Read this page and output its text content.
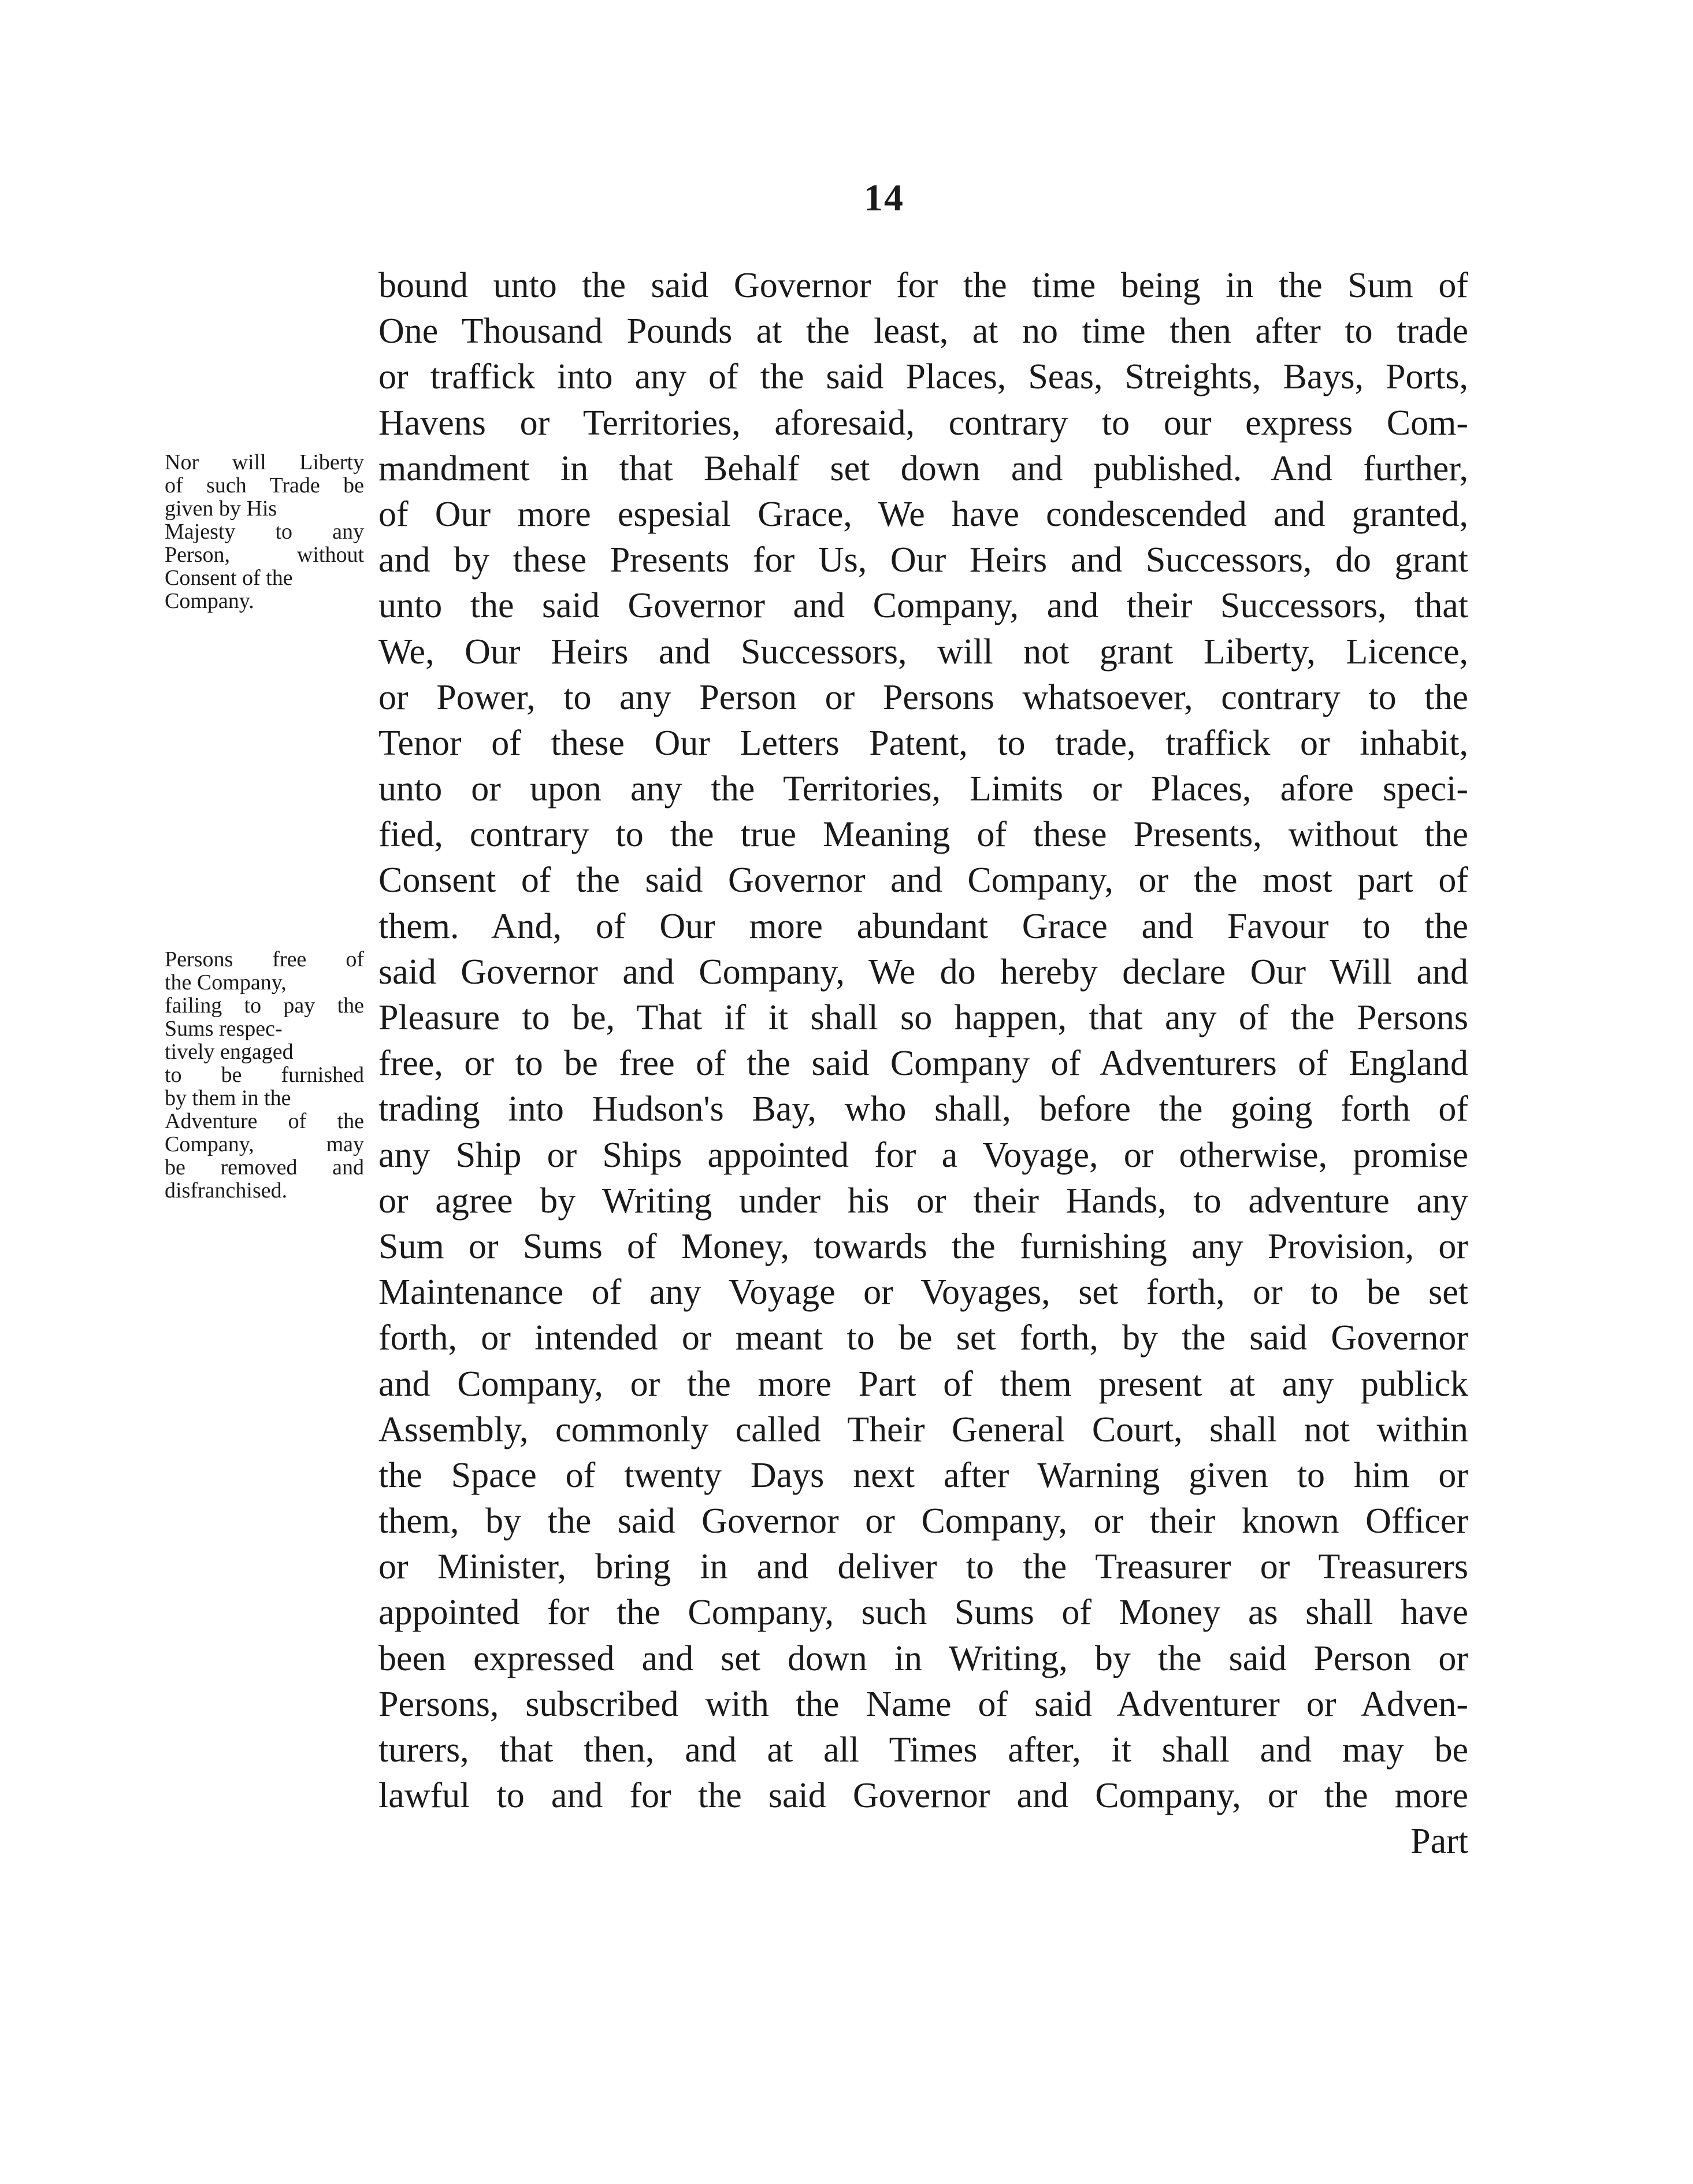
14
Nor will Liberty
of such Trade be
given by His
Majesty to any
Person, without
Consent of the
Company.
Persons free of
the Company,
failing to pay the
Sums respec-
tively engaged
to be furnished
by them in the
Adventure of the
Company, may
be removed and
disfranchised.
bound unto the said Governor for the time being in the Sum of
One Thousand Pounds at the least, at no time then after to trade
or traffick into any of the said Places, Seas, Streights, Bays, Ports,
Havens or Territories, aforesaid, contrary to our express Com-
mandment in that Behalf set down and published. And further,
of Our more espesial Grace, We have condescended and granted,
and by these Presents for Us, Our Heirs and Successors, do grant
unto the said Governor and Company, and their Successors, that
We, Our Heirs and Successors, will not grant Liberty, Licence,
or Power, to any Person or Persons whatsoever, contrary to the
Tenor of these Our Letters Patent, to trade, traffick or inhabit,
unto or upon any the Territories, Limits or Places, afore speci-
fied, contrary to the true Meaning of these Presents, without the
Consent of the said Governor and Company, or the most part of
them. And, of Our more abundant Grace and Favour to the
said Governor and Company, We do hereby declare Our Will and
Pleasure to be, That if it shall so happen, that any of the Persons
free, or to be free of the said Company of Adventurers of England
trading into Hudson's Bay, who shall, before the going forth of
any Ship or Ships appointed for a Voyage, or otherwise, promise
or agree by Writing under his or their Hands, to adventure any
Sum or Sums of Money, towards the furnishing any Provision, or
Maintenance of any Voyage or Voyages, set forth, or to be set
forth, or intended or meant to be set forth, by the said Governor
and Company, or the more Part of them present at any publick
Assembly, commonly called Their General Court, shall not within
the Space of twenty Days next after Warning given to him or
them, by the said Governor or Company, or their known Officer
or Minister, bring in and deliver to the Treasurer or Treasurers
appointed for the Company, such Sums of Money as shall have
been expressed and set down in Writing, by the said Person or
Persons, subscribed with the Name of said Adventurer or Adven-
turers, that then, and at all Times after, it shall and may be
lawful to and for the said Governor and Company, or the more
Part
